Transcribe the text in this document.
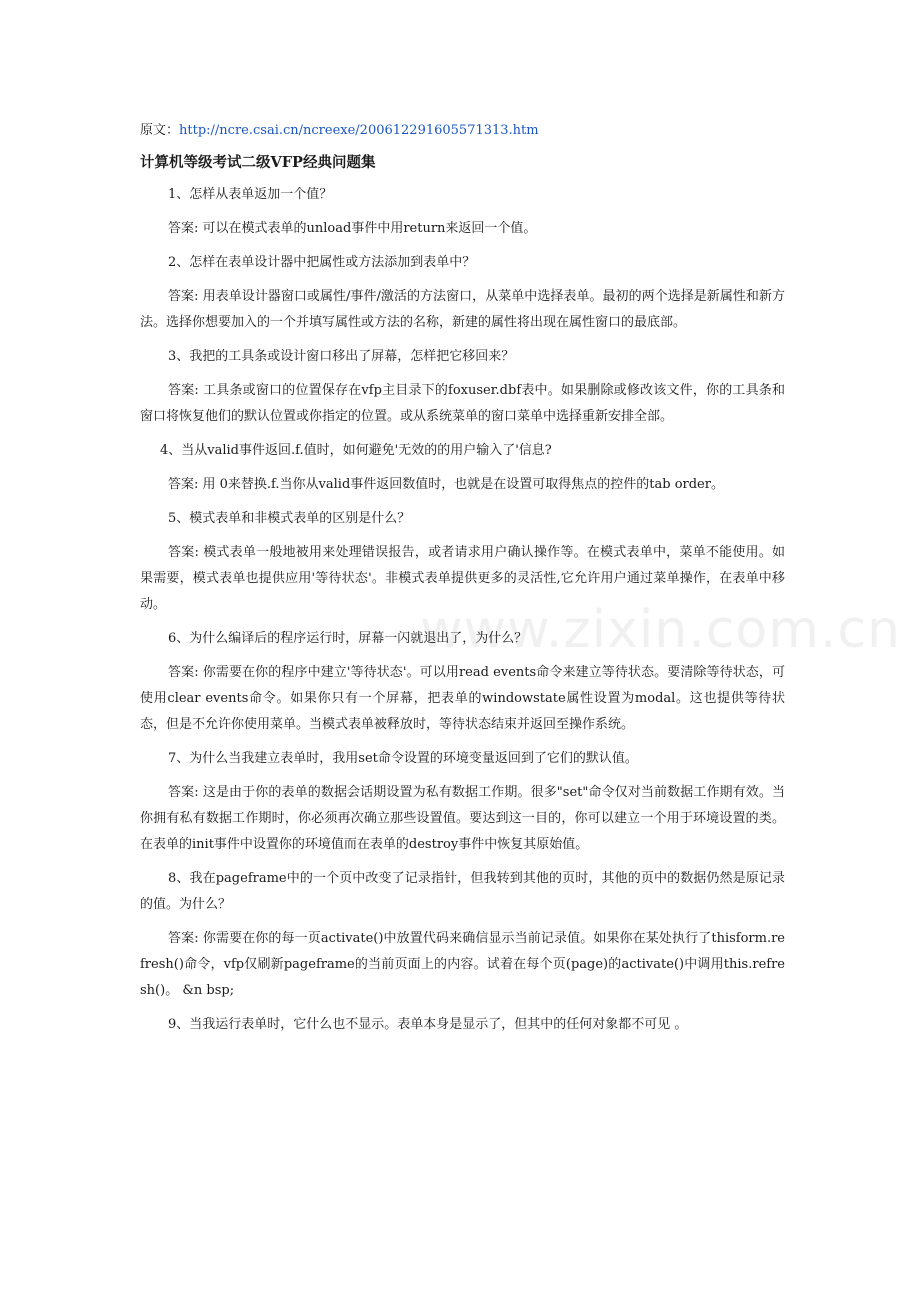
www.zixin.com.cn

原文：http://ncre.csai.cn/ncreexe/200612291605571313.htm

计算机等级考试二级VFP经典问题集

1、怎样从表单返加一个值？

答案: 可以在模式表单的unload事件中用return来返回一个值。

2、怎样在表单设计器中把属性或方法添加到表单中？

答案: 用表单设计器窗口或属性/事件/激活的方法窗口，从菜单中选择表单。最初的两个选择是新属性和新方法。选择你想要加入的一个并填写属性或方法的名称，新建的属性将出现在属性窗口的最底部。

3、我把的工具条或设计窗口移出了屏幕，怎样把它移回来？

答案: 工具条或窗口的位置保存在vfp主目录下的foxuser.dbf表中。如果删除或修改该文件，你的工具条和窗口将恢复他们的默认位置或你指定的位置。或从系统菜单的窗口菜单中选择重新安排全部。

4、当从valid事件返回.f.值时，如何避免'无效的的用户输入了'信息?

答案: 用 0来替换.f.当你从valid事件返回数值时，也就是在设置可取得焦点的控件的tab order。

5、模式表单和非模式表单的区别是什么？

答案: 模式表单一般地被用来处理错误报告，或者请求用户确认操作等。在模式表单中，菜单不能使用。如果需要，模式表单也提供应用'等待状态'。非模式表单提供更多的灵活性,它允许用户通过菜单操作，在表单中移动。

6、为什么编译后的程序运行时，屏幕一闪就退出了，为什么？

答案: 你需要在你的程序中建立'等待状态'。可以用read events命令来建立等待状态。要清除等待状态，可使用clear events命令。如果你只有一个屏幕，把表单的windowstate属性设置为modal。这也提供等待状态，但是不允许你使用菜单。当模式表单被释放时，等待状态结束并返回至操作系统。

7、为什么当我建立表单时，我用set命令设置的环境变量返回到了它们的默认值。

答案: 这是由于你的表单的数据会话期设置为私有数据工作期。很多"set"命令仅对当前数据工作期有效。当你拥有私有数据工作期时，你必须再次确立那些设置值。要达到这一目的，你可以建立一个用于环境设置的类。在表单的init事件中设置你的环境值而在表单的destroy事件中恢复其原始值。

8、我在pageframe中的一个页中改变了记录指针，但我转到其他的页时，其他的页中的数据仍然是原记录的值。为什么？

答案: 你需要在你的每一页activate()中放置代码来确信显示当前记录值。如果你在某处执行了thisform.refresh()命令，vfp仅刷新pageframe的当前页面上的内容。试着在每个页(page)的activate()中调用this.refresh()。 &n bsp;

9、当我运行表单时，它什么也不显示。表单本身是显示了，但其中的任何对象都不可见 。
